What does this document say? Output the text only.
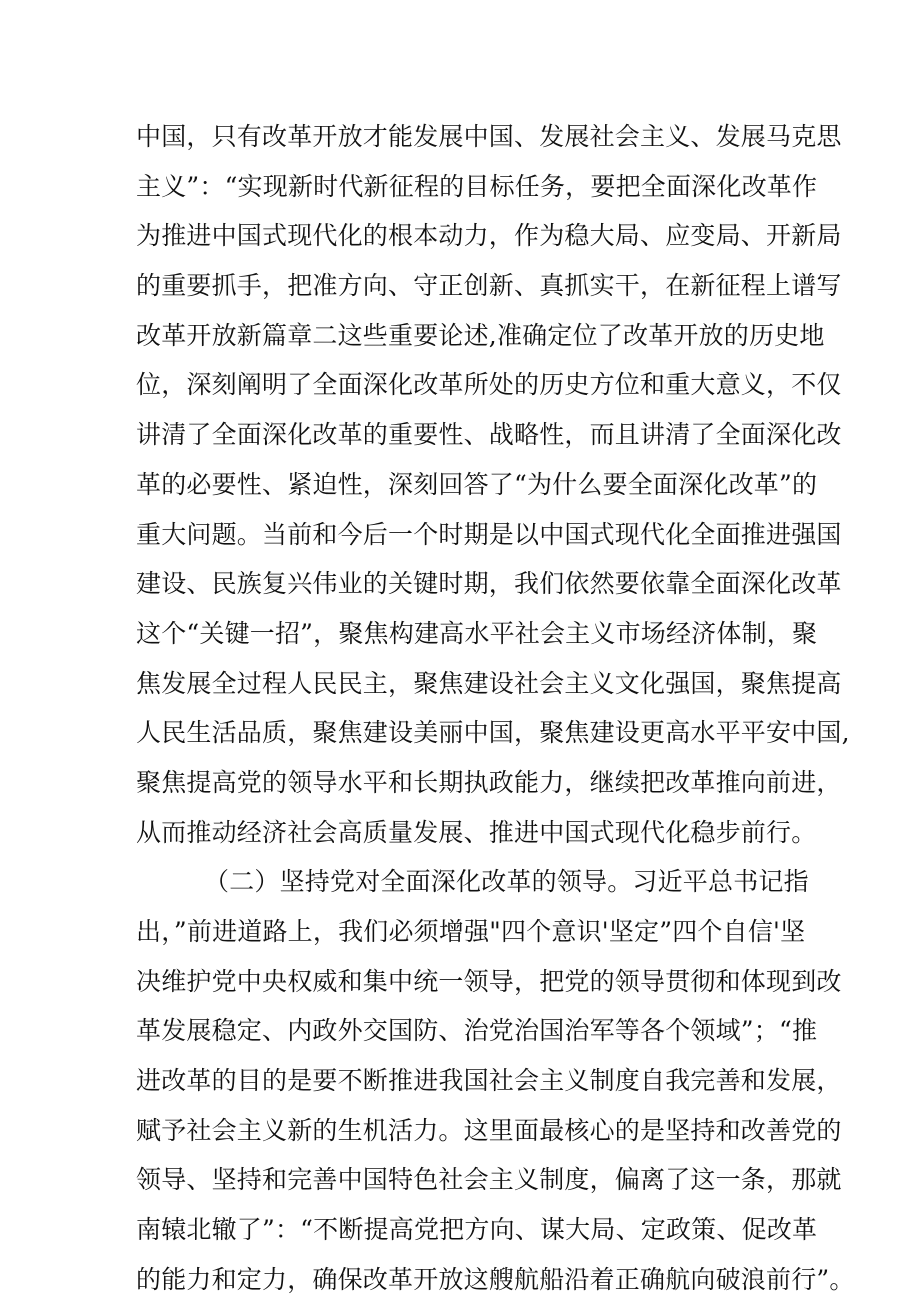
中国，只有改革开放才能发展中国、发展社会主义、发展马克思
主义”：“实现新时代新征程的目标任务，要把全面深化改革作
为推进中国式现代化的根本动力，作为稳大局、应变局、开新局
的重要抓手，把准方向、守正创新、真抓实干，在新征程上谱写
改革开放新篇章二这些重要论述,准确定位了改革开放的历史地
位，深刻阐明了全面深化改革所处的历史方位和重大意义，不仅
讲清了全面深化改革的重要性、战略性，而且讲清了全面深化改
革的必要性、紧迫性，深刻回答了“为什么要全面深化改革”的
重大问题。当前和今后一个时期是以中国式现代化全面推进强国
建设、民族复兴伟业的关键时期，我们依然要依靠全面深化改革
这个“关键一招”，聚焦构建高水平社会主义市场经济体制，聚
焦发展全过程人民民主，聚焦建设社会主义文化强国，聚焦提高
人民生活品质，聚焦建设美丽中国，聚焦建设更高水平平安中国,
聚焦提高党的领导水平和长期执政能力，继续把改革推向前进，
从而推动经济社会高质量发展、推进中国式现代化稳步前行。
（二）坚持党对全面深化改革的领导。习近平总书记指
出，”前进道路上，我们必须增强"四个意识'坚定”四个自信'坚
决维护党中央权威和集中统一领导，把党的领导贯彻和体现到改
革发展稳定、内政外交国防、治党治国治军等各个领域”；“推
进改革的目的是要不断推进我国社会主义制度自我完善和发展，
赋予社会主义新的生机活力。这里面最核心的是坚持和改善党的
领导、坚持和完善中国特色社会主义制度，偏离了这一条，那就
南辕北辙了”：“不断提高党把方向、谋大局、定政策、促改革
的能力和定力，确保改革开放这艘航船沿着正确航向破浪前行”。
